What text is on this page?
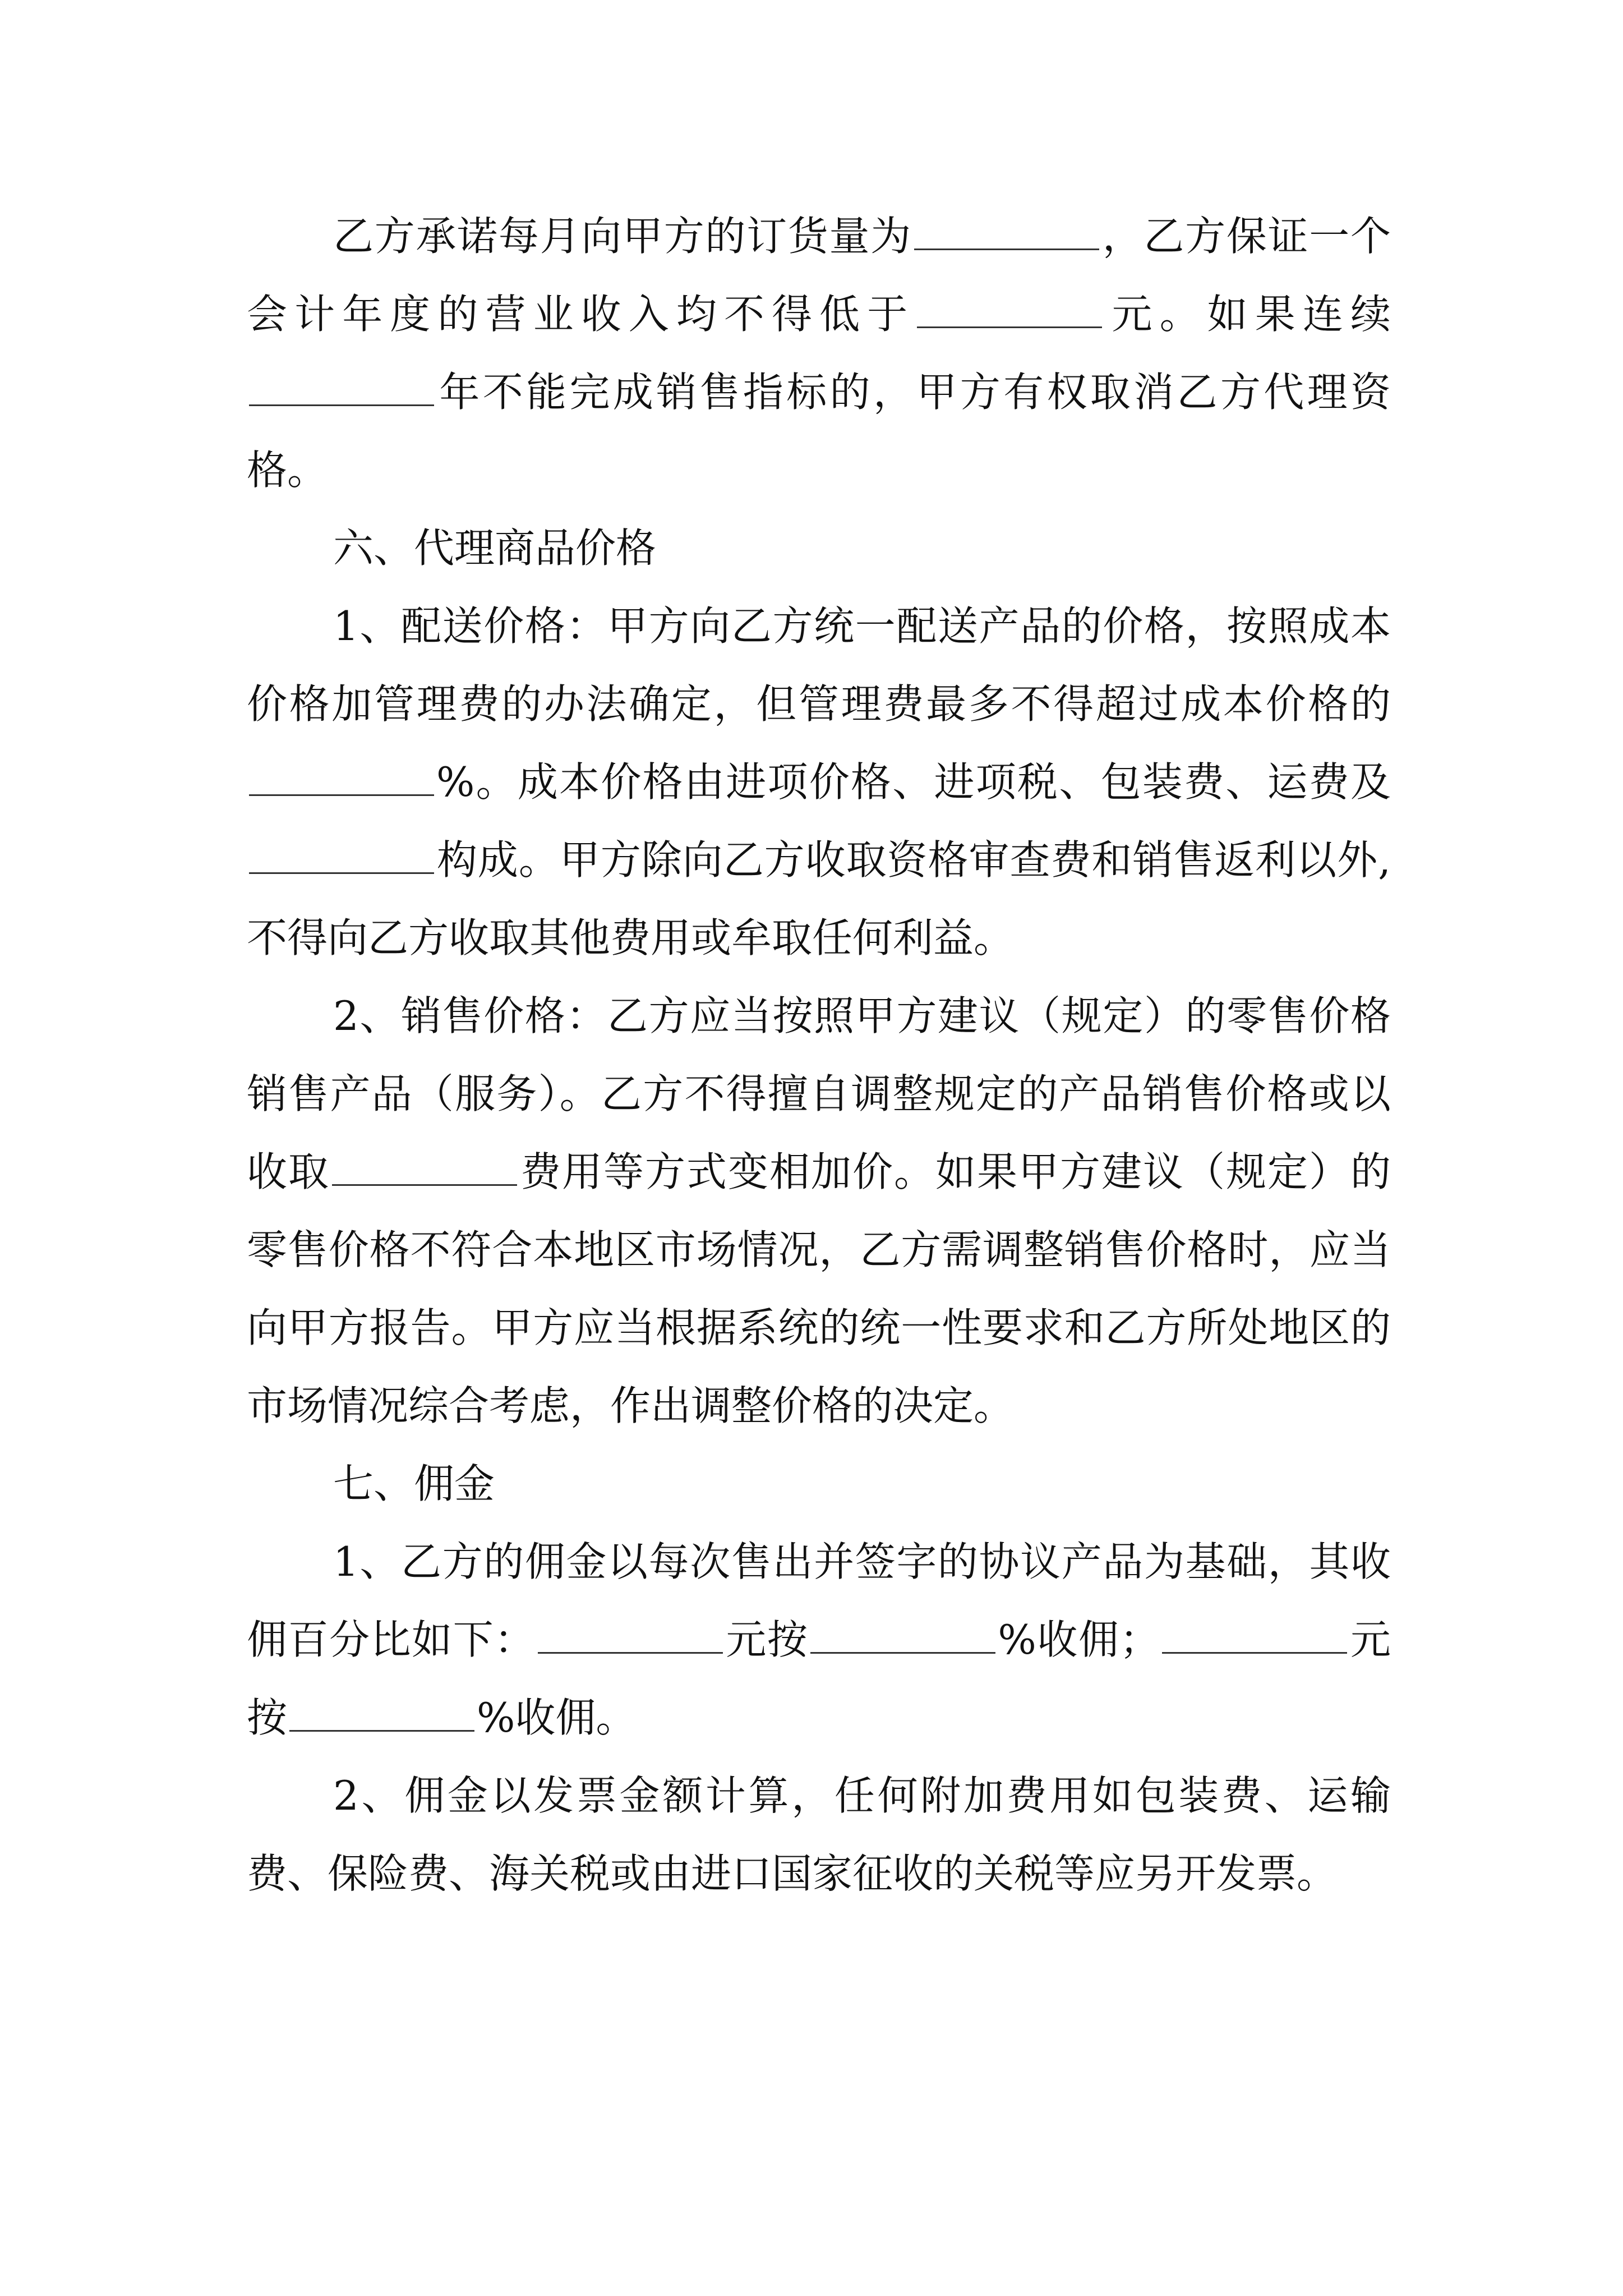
乙方承诺每月向甲方的订货量为	，乙方保证一个会计年度的营业收入均不得低于	元。如果连续年不能完成销售指标的，甲方有权取消乙方代理资格。

六、代理商品价格

1、配送价格：甲方向乙方统一配送产品的价格，按照成本价格加管理费的办法确定，但管理费最多不得超过成本价格的%。成本价格由进项价格、进项税、包装费、运费及构成。甲方除向乙方收取资格审查费和销售返利以外,不得向乙方收取其他费用或牟取任何利益。

2、销售价格：乙方应当按照甲方建议（规定）的零售价格销售产品（服务）。乙方不得擅自调整规定的产品销售价格或以收取	费用等方式变相加价。如果甲方建议（规定）的零售价格不符合本地区市场情况，乙方需调整销售价格时，应当向甲方报告。甲方应当根据系统的统一性要求和乙方所处地区的市场情况综合考虑，作出调整价格的决定。

七、佣金

1、乙方的佣金以每次售出并签字的协议产品为基础，其收佣百分比如下：	元按	%收佣；	元按	%收佣。

2、佣金以发票金额计算，任何附加费用如包装费、运输费、保险费、海关税或由进口国家征收的关税等应另开发票。
